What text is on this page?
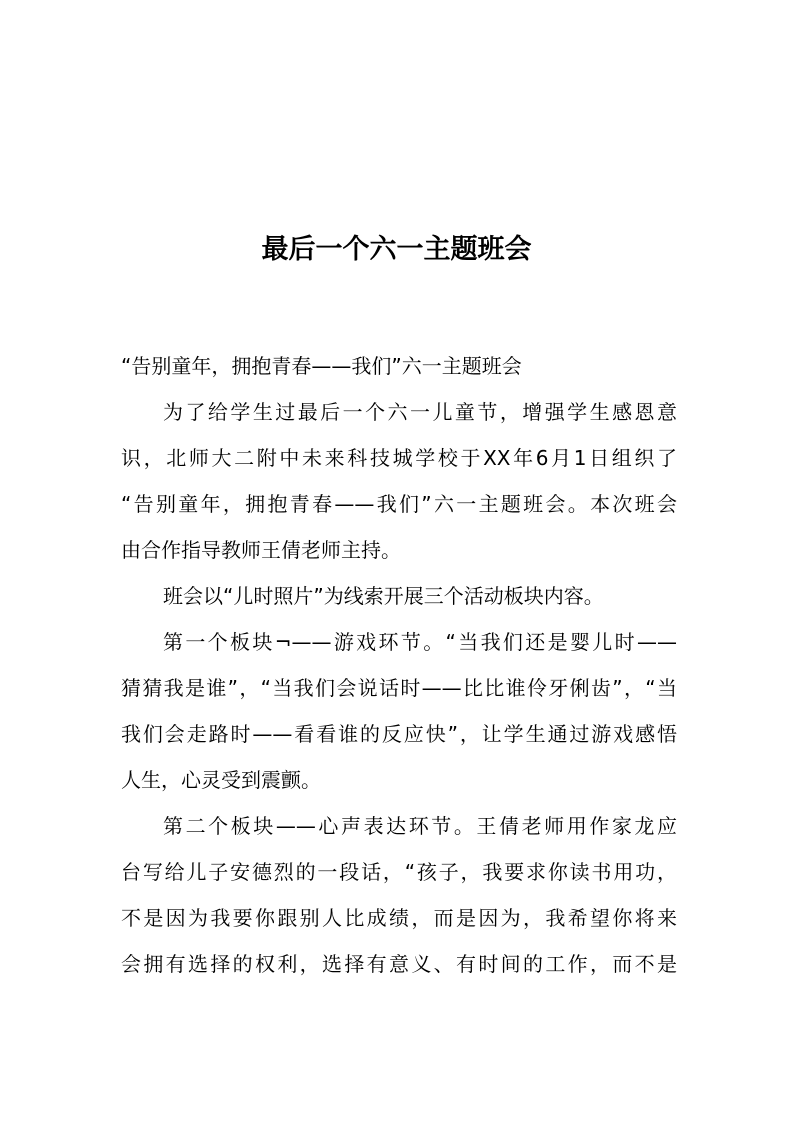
最后一个六一主题班会
“告别童年，拥抱青春——我们”六一主题班会
为了给学生过最后一个六一儿童节，增强学生感恩意
识，北师大二附中未来科技城学校于XX年6月1日组织了
“告别童年，拥抱青春——我们”六一主题班会。本次班会
由合作指导教师王倩老师主持。
班会以“儿时照片”为线索开展三个活动板块内容。
第一个板块¬——游戏环节。“当我们还是婴儿时——
猜猜我是谁”，“当我们会说话时——比比谁伶牙俐齿”，“当
我们会走路时——看看谁的反应快”，让学生通过游戏感悟
人生，心灵受到震颤。
第二个板块——心声表达环节。王倩老师用作家龙应
台写给儿子安德烈的一段话，“孩子，我要求你读书用功，
不是因为我要你跟别人比成绩，而是因为，我希望你将来
会拥有选择的权利，选择有意义、有时间的工作，而不是
